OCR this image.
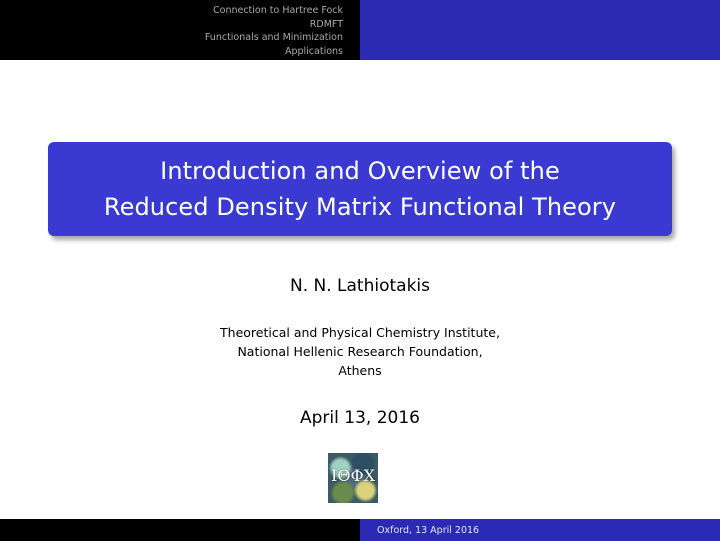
Connection to Hartree Fock
RDMFT
Functionals and Minimization
Applications
Introduction and Overview of the
Reduced Density Matrix Functional Theory
N. N. Lathiotakis
Theoretical and Physical Chemistry Institute,
National Hellenic Research Foundation,
Athens
April 13, 2016
ΙΘΦΧ
Oxford, 13 April 2016
